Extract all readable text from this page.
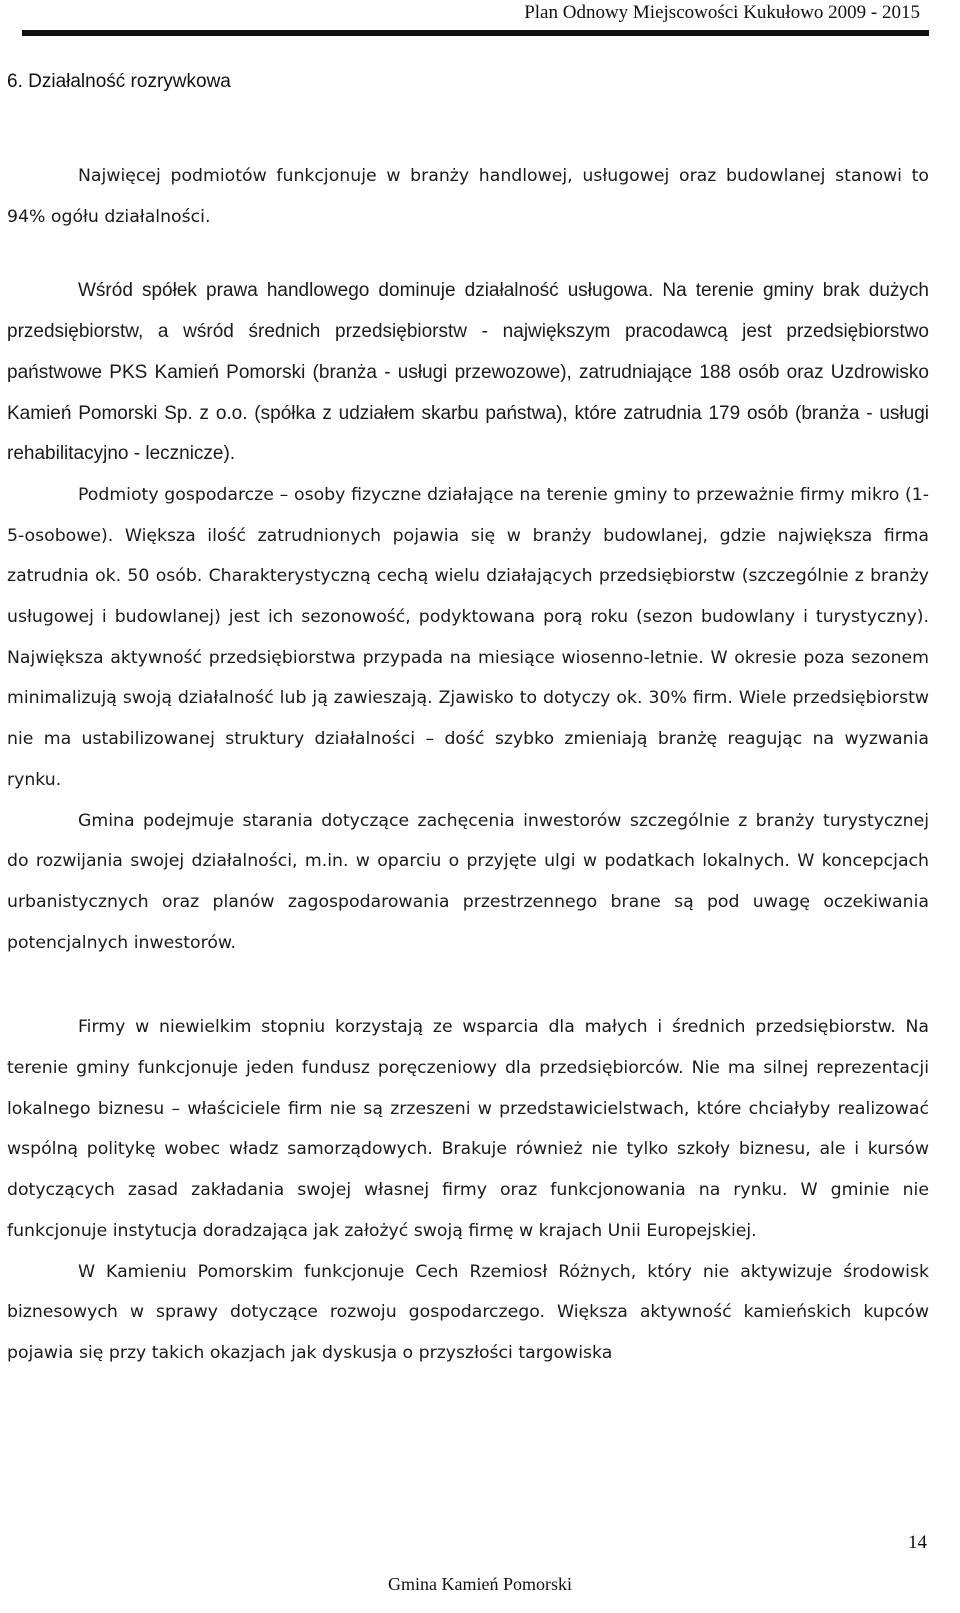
Plan Odnowy Miejscowości Kukułowo 2009 - 2015
6. Działalność rozrywkowa

Najwięcej podmiotów funkcjonuje w branży handlowej, usługowej oraz budowlanej stanowi to 94% ogółu działalności.

Wśród spółek prawa handlowego dominuje działalność usługowa. Na terenie gminy brak dużych przedsiębiorstw, a wśród średnich przedsiębiorstw - największym pracodawcą jest przedsiębiorstwo państwowe PKS Kamień Pomorski (branża - usługi przewozowe), zatrudniające 188 osób oraz Uzdrowisko Kamień Pomorski Sp. z o.o. (spółka z udziałem skarbu państwa), które zatrudnia 179 osób (branża - usługi rehabilitacyjno - lecznicze).

Podmioty gospodarcze – osoby fizyczne działające na terenie gminy to przeważnie firmy mikro (1-5-osobowe). Większa ilość zatrudnionych pojawia się w branży budowlanej, gdzie największa firma zatrudnia ok. 50 osób. Charakterystyczną cechą wielu działających przedsiębiorstw (szczególnie z branży usługowej i budowlanej) jest ich sezonowość, podyktowana porą roku (sezon budowlany i turystyczny). Największa aktywność przedsiębiorstwa przypada na miesiące wiosenno-letnie. W okresie poza sezonem minimalizują swoją działalność lub ją zawieszają. Zjawisko to dotyczy ok. 30% firm. Wiele przedsiębiorstw nie ma ustabilizowanej struktury działalności – dość szybko zmieniają branżę reagując na wyzwania rynku.

Gmina podejmuje starania dotyczące zachęcenia inwestorów szczególnie z branży turystycznej do rozwijania swojej działalności, m.in. w oparciu o przyjęte ulgi w podatkach lokalnych. W koncepcjach urbanistycznych oraz planów zagospodarowania przestrzennego brane są pod uwagę oczekiwania potencjalnych inwestorów.

Firmy w niewielkim stopniu korzystają ze wsparcia dla małych i średnich przedsiębiorstw. Na terenie gminy funkcjonuje jeden fundusz poręczeniowy dla przedsiębiorców. Nie ma silnej reprezentacji lokalnego biznesu – właściciele firm nie są zrzeszeni w przedstawicielstwach, które chciałyby realizować wspólną politykę wobec władz samorządowych. Brakuje również nie tylko szkoły biznesu, ale i kursów dotyczących zasad zakładania swojej własnej firmy oraz funkcjonowania na rynku. W gminie nie funkcjonuje instytucja doradzająca jak założyć swoją firmę w krajach Unii Europejskiej.

W Kamieniu Pomorskim funkcjonuje Cech Rzemiosł Różnych, który nie aktywizuje środowisk biznesowych w sprawy dotyczące rozwoju gospodarczego. Większa aktywność kamieńskich kupców pojawia się przy takich okazjach jak dyskusja o przyszłości targowiska

14
Gmina Kamień Pomorski
